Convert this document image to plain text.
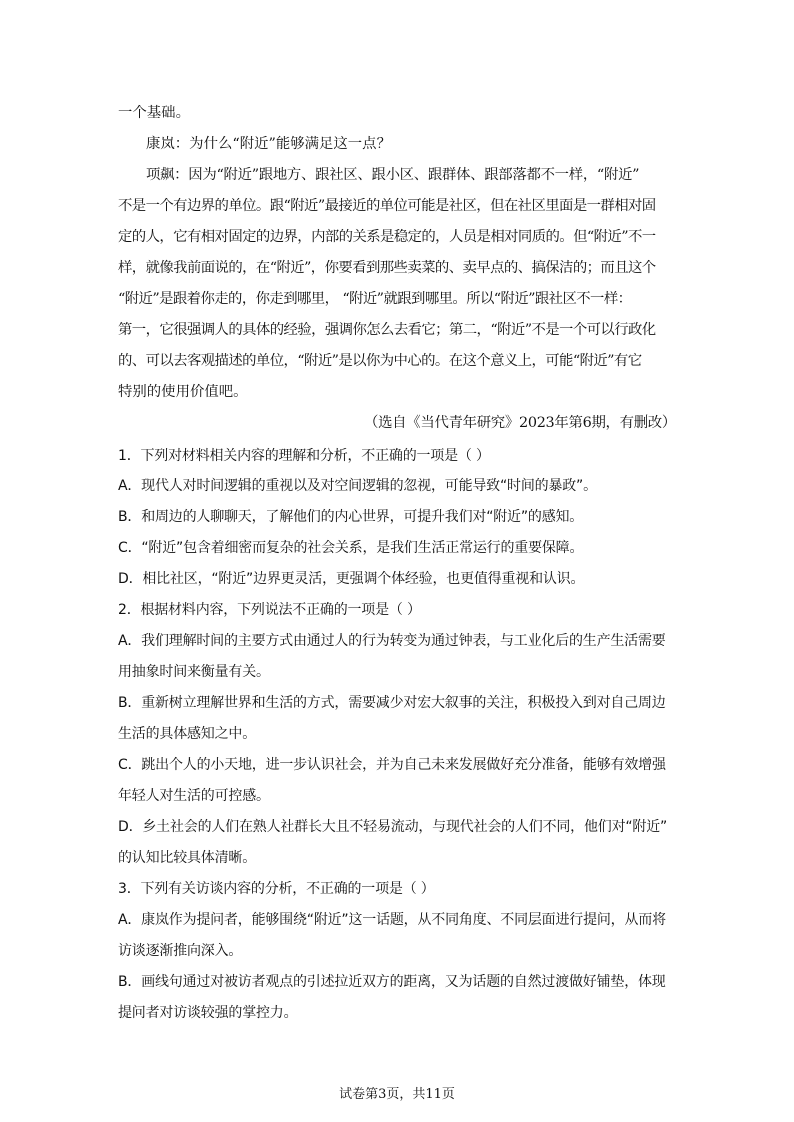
一个基础。
康岚：为什么“附近”能够满足这一点？
项飙：因为“附近”跟地方、跟社区、跟小区、跟群体、跟部落都不一样，“附近”
不是一个有边界的单位。跟“附近”最接近的单位可能是社区，但在社区里面是一群相对固
定的人，它有相对固定的边界，内部的关系是稳定的，人员是相对同质的。但“附近”不一
样，就像我前面说的，在“附近”，你要看到那些卖菜的、卖早点的、搞保洁的；而且这个
“附近”是跟着你走的，你走到哪里， “附近”就跟到哪里。所以“附近”跟社区不一样：
第一，它很强调人的具体的经验，强调你怎么去看它；第二，“附近”不是一个可以行政化
的、可以去客观描述的单位，“附近”是以你为中心的。在这个意义上，可能“附近”有它
特别的使用价值吧。
（选自《当代青年研究》2023年第6期，有删改）
1．下列对材料相关内容的理解和分析，不正确的一项是（ ）
A．现代人对时间逻辑的重视以及对空间逻辑的忽视，可能导致“时间的暴政”。
B．和周边的人聊聊天，了解他们的内心世界，可提升我们对“附近”的感知。
C．“附近”包含着细密而复杂的社会关系，是我们生活正常运行的重要保障。
D．相比社区，“附近”边界更灵活，更强调个体经验，也更值得重视和认识。
2．根据材料内容，下列说法不正确的一项是（ ）
A．我们理解时间的主要方式由通过人的行为转变为通过钟表，与工业化后的生产生活需要
用抽象时间来衡量有关。
B．重新树立理解世界和生活的方式，需要减少对宏大叙事的关注，积极投入到对自己周边
生活的具体感知之中。
C．跳出个人的小天地，进一步认识社会，并为自己未来发展做好充分准备，能够有效增强
年轻人对生活的可控感。
D．乡土社会的人们在熟人社群长大且不轻易流动，与现代社会的人们不同，他们对“附近”
的认知比较具体清晰。
3．下列有关访谈内容的分析，不正确的一项是（ ）
A．康岚作为提问者，能够围绕“附近”这一话题，从不同角度、不同层面进行提问，从而将
访谈逐渐推向深入。
B．画线句通过对被访者观点的引述拉近双方的距离，又为话题的自然过渡做好铺垫，体现
提问者对访谈较强的掌控力。
试卷第3页，共11页
